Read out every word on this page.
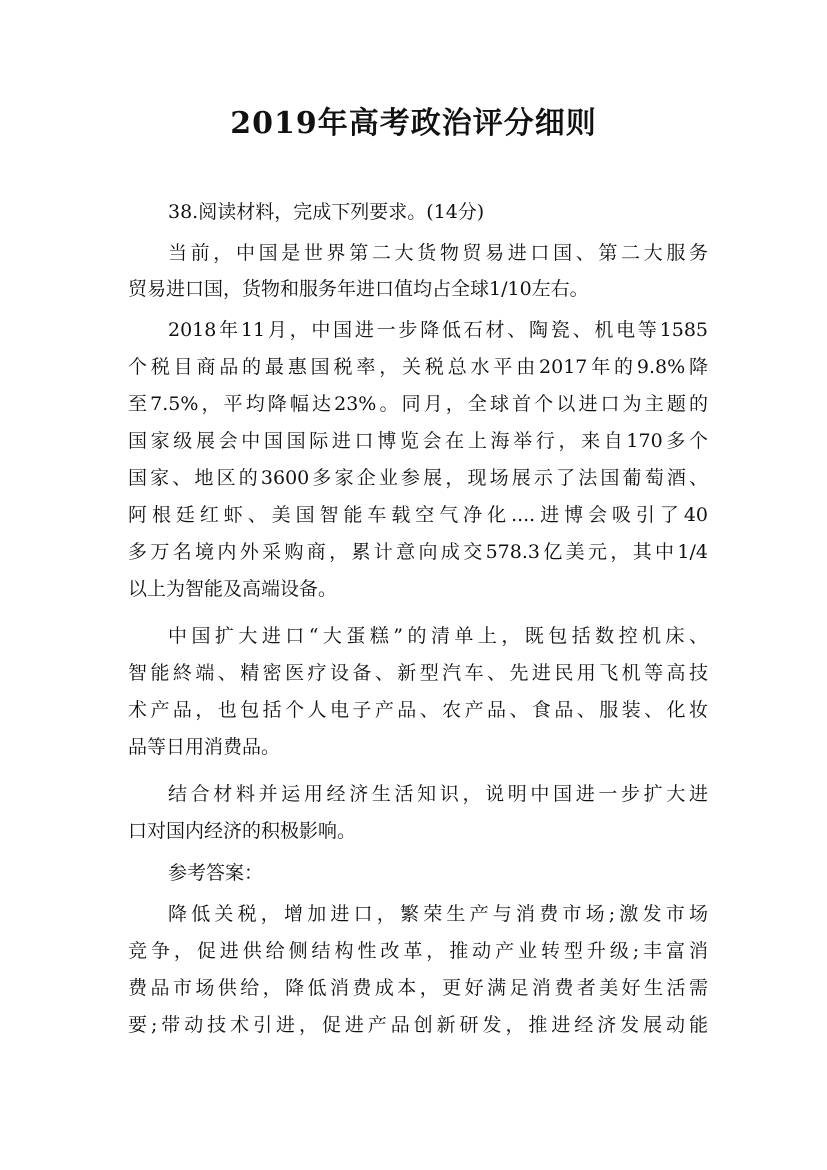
2019年高考政治评分细则
38.阅读材料，完成下列要求。(14分)
当前，中国是世界第二大货物贸易进口国、第二大服务
贸易进口国，货物和服务年进口值均占全球1/10左右。
2018年11月，中国进一步降低石材、陶瓷、机电等1585
个税目商品的最惠国税率，关税总水平由2017年的9.8%降
至7.5%，平均降幅达23%。同月，全球首个以进口为主题的
国家级展会中国国际进口博览会在上海举行，来自170多个
国家、地区的3600多家企业参展，现场展示了法国葡萄酒、
阿根廷红虾、美国智能车载空气净化....进博会吸引了40
多万名境内外采购商，累计意向成交578.3亿美元，其中1/4
以上为智能及高端设备。
中国扩大进口“大蛋糕”的清单上，既包括数控机床、
智能終端、精密医疗设备、新型汽车、先进民用飞机等高技
术产品，也包括个人电子产品、农产品、食品、服装、化妆
品等日用消费品。
结合材料并运用经济生活知识，说明中国进一步扩大进
口对国内经济的积极影响。
参考答案：
降低关税，增加进口，繁荣生产与消费市场;激发市场
竞争，促进供给侧结构性改革，推动产业转型升级;丰富消
费品市场供给，降低消费成本，更好满足消费者美好生活需
要;带动技术引进，促进产品创新研发，推进经济发展动能
